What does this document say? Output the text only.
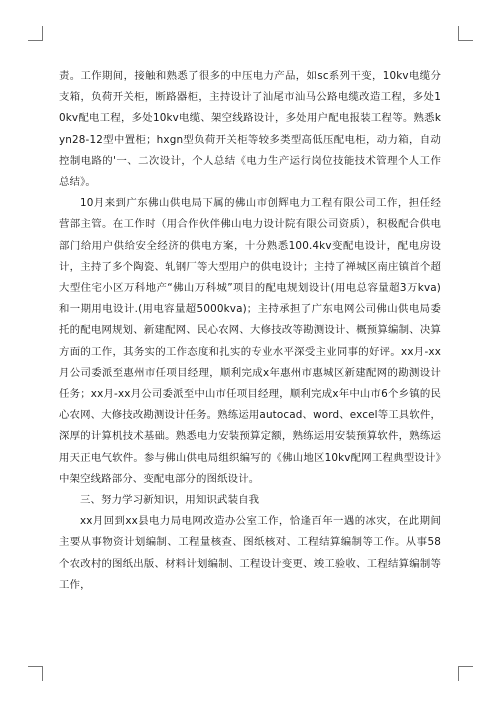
责。工作期间，接触和熟悉了很多的中压电力产品，如sc系列干变，10kv电缆分支箱，负荷开关柜，断路器柜，主持设计了汕尾市汕马公路电缆改造工程，多处10kv配电工程，多处10kv电缆、架空线路设计，多处用户配电报装工程等。熟悉kyn28-12型中置柜；hxgn型负荷开关柜等较多类型高低压配电柜，动力箱，自动控制电路的'一、二次设计，个人总结《电力生产运行岗位技能技术管理个人工作总结》。

10月来到广东佛山供电局下属的佛山市创辉电力工程有限公司工作，担任经营部主管。在工作时（用合作伙伴佛山电力设计院有限公司资质），积极配合供电部门给用户供给安全经济的供电方案，十分熟悉100.4kv变配电设计，配电房设计，主持了多个陶瓷、轧钢厂等大型用户的供电设计；主持了禅城区南庄镇首个超大型住宅小区万科地产“佛山万科城”项目的配电规划设计(用电总容量超3万kva)和一期用电设计.(用电容量超5000kva)；主持承担了广东电网公司佛山供电局委托的配电网规划、新建配网、民心农网、大修技改等勘测设计、概预算编制、决算方面的工作，其务实的工作态度和扎实的专业水平深受主业同事的好评。xx月-xx月公司委派至惠州市任项目经理，顺利完成x年惠州市惠城区新建配网的勘测设计任务；xx月-xx月公司委派至中山市任项目经理，顺利完成x年中山市6个乡镇的民心农网、大修技改勘测设计任务。熟练运用autocad、word、excel等工具软件，深厚的计算机技术基础。熟悉电力安装预算定额，熟练运用安装预算软件，熟练运用天正电气软件。参与佛山供电局组织编写的《佛山地区10kv配网工程典型设计》中架空线路部分、变配电部分的图纸设计。

三、努力学习新知识，用知识武装自我

xx月回到xx县电力局电网改造办公室工作，恰逢百年一遇的冰灾，在此期间主要从事物资计划编制、工程量核查、图纸核对、工程结算编制等工作。从事58个农改村的图纸出版、材料计划编制、工程设计变更、竣工验收、工程结算编制等工作，
